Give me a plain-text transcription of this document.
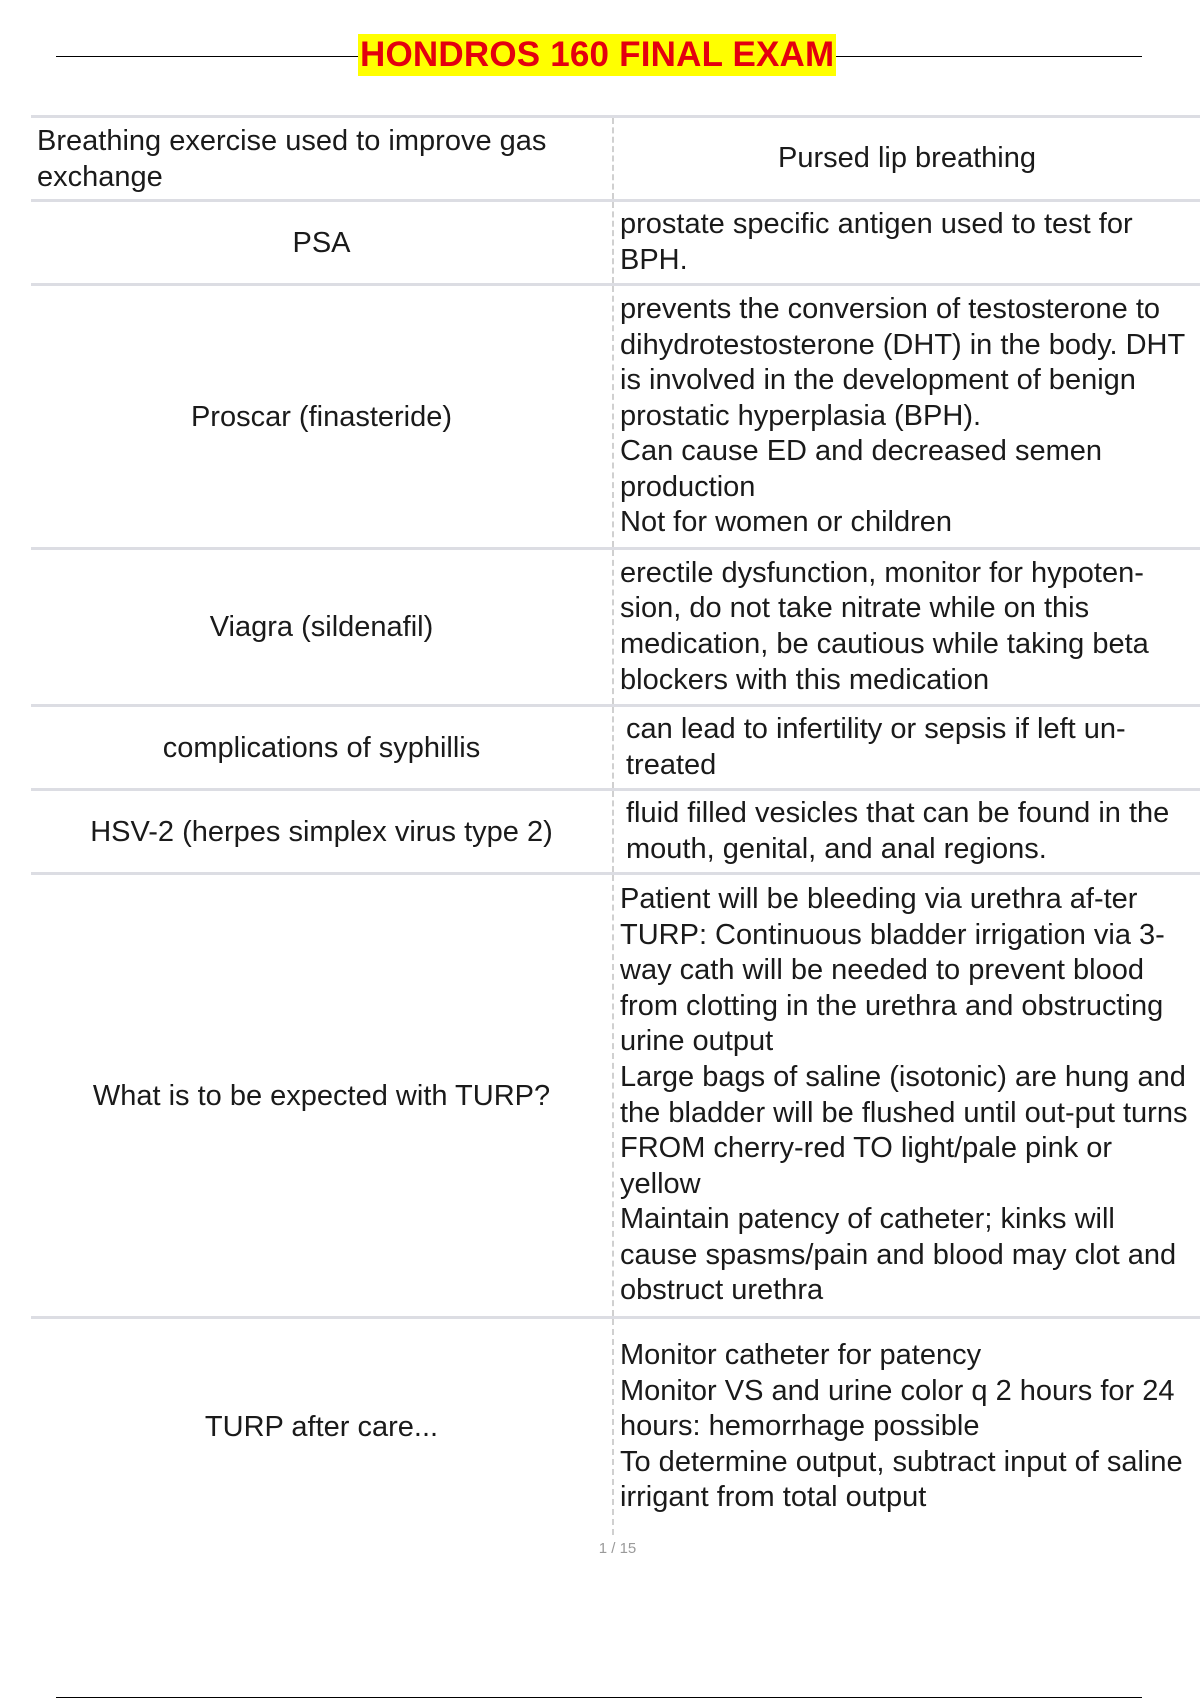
HONDROS 160 FINAL EXAM
Breathing exercise used to improve gas exchange
Pursed lip breathing
PSA
prostate specific antigen used to test for BPH.
Proscar (finasteride)
prevents the conversion of testosterone to dihydrotestosterone (DHT) in the body. DHT is involved in the development of benign prostatic hyperplasia (BPH).
Can cause ED and decreased semen production
Not for women or children
Viagra (sildenafil)
erectile dysfunction, monitor for hypoten-sion, do not take nitrate while on this medication, be cautious while taking beta blockers with this medication
complications of syphillis
can lead to infertility or sepsis if left un-treated
HSV-2 (herpes simplex virus type 2)
fluid filled vesicles that can be found in the mouth, genital, and anal regions.
What is to be expected with TURP?
Patient will be bleeding via urethra af-ter TURP: Continuous bladder irrigation via 3-way cath will be needed to prevent blood from clotting in the urethra and obstructing urine output
Large bags of saline (isotonic) are hung and the bladder will be flushed until out-put turns FROM cherry-red TO light/pale pink or yellow
Maintain patency of catheter; kinks will cause spasms/pain and blood may clot and obstruct urethra
TURP after care...
Monitor catheter for patency
Monitor VS and urine color q 2 hours for 24 hours: hemorrhage possible
To determine output, subtract input of saline irrigant from total output
1 / 15
